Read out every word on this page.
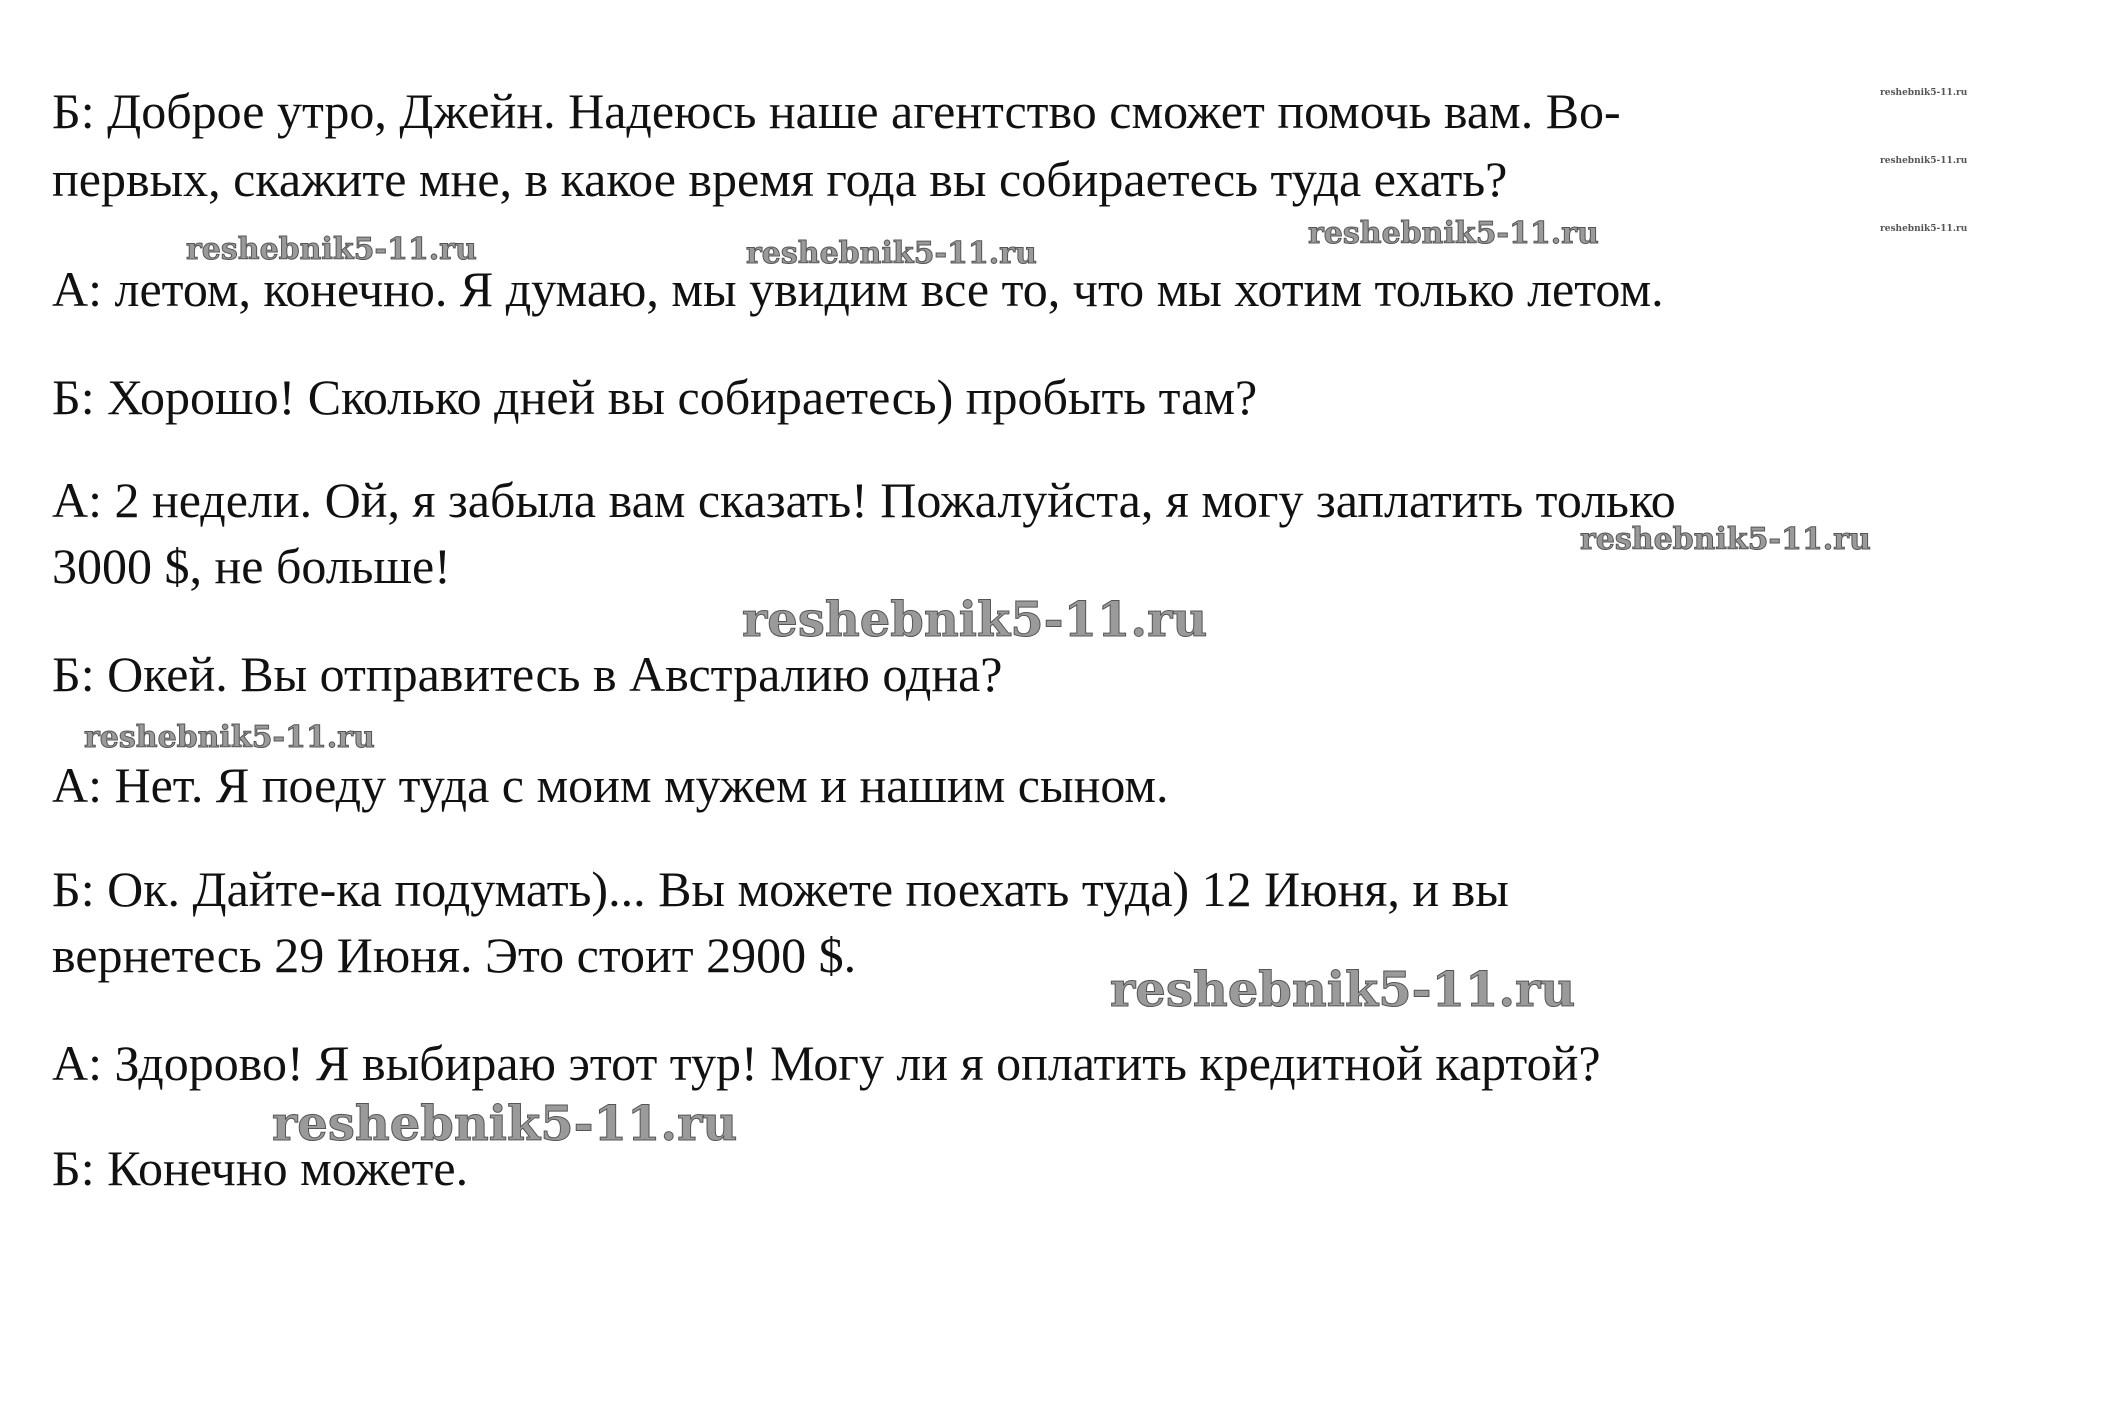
Б: Доброе утро, Джейн. Надеюсь наше агентство сможет помочь вам. Во-
первых, скажите мне, в какое время года вы собираетесь туда ехать?
А: летом, конечно. Я думаю, мы увидим все то, что мы хотим только летом.
Б: Хорошо! Сколько дней вы собираетесь) пробыть там?
А: 2 недели. Ой, я забыла вам сказать! Пожалуйста, я могу заплатить только
3000 $, не больше!
Б: Окей. Вы отправитесь в Австралию одна?
А: Нет. Я поеду туда с моим мужем и нашим сыном.
Б: Ок. Дайте-ка подумать)... Вы можете поехать туда) 12 Июня, и вы
вернетесь 29 Июня. Это стоит 2900 $.
А: Здорово! Я выбираю этот тур! Могу ли я оплатить кредитной картой?
Б: Конечно можете.
reshebnik5-11.ru
reshebnik5-11.ru
reshebnik5-11.ru
reshebnik5-11.ru	reshebnik5-11.ru
reshebnik5-11.ru
reshebnik5-11.ru
reshebnik5-11.ru
reshebnik5-11.ru
reshebnik5-11.ru
reshebnik5-11.ru
